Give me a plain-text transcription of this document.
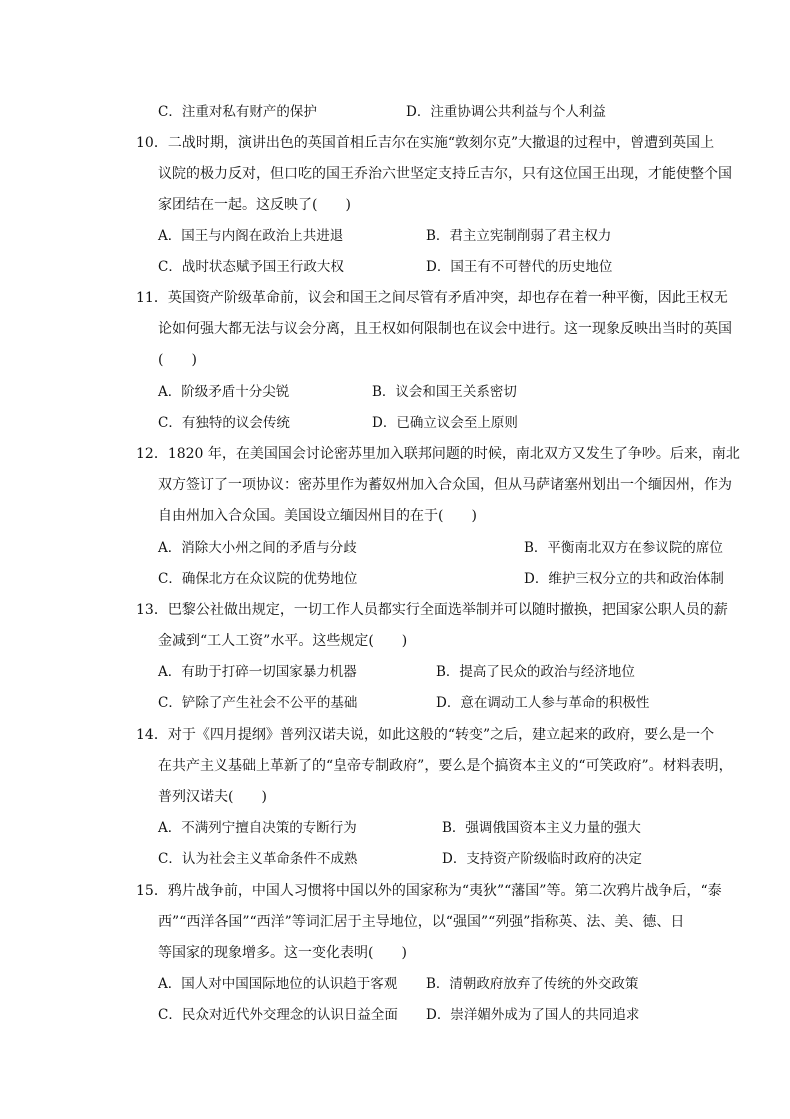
C．注重对私有财产的保护	D．注重协调公共利益与个人利益
10．二战时期，演讲出色的英国首相丘吉尔在实施“敦刻尔克”大撤退的过程中，曾遭到英国上
议院的极力反对，但口吃的国王乔治六世坚定支持丘吉尔，只有这位国王出现，才能使整个国
家团结在一起。这反映了(　　)
A．国王与内阁在政治上共进退	B．君主立宪制削弱了君主权力
C．战时状态赋予国王行政大权	D．国王有不可替代的历史地位
11．英国资产阶级革命前，议会和国王之间尽管有矛盾冲突，却也存在着一种平衡，因此王权无
论如何强大都无法与议会分离，且王权如何限制也在议会中进行。这一现象反映出当时的英国
(　　)
A．阶级矛盾十分尖锐	B．议会和国王关系密切
C．有独特的议会传统	D．已确立议会至上原则
12．1820 年，在美国国会讨论密苏里加入联邦问题的时候，南北双方又发生了争吵。后来，南北
双方签订了一项协议：密苏里作为蓄奴州加入合众国，但从马萨诸塞州划出一个缅因州，作为
自由州加入合众国。美国设立缅因州目的在于(　　)
A．消除大小州之间的矛盾与分歧	B．平衡南北双方在参议院的席位
C．确保北方在众议院的优势地位	D．维护三权分立的共和政治体制
13．巴黎公社做出规定，一切工作人员都实行全面选举制并可以随时撤换，把国家公职人员的薪
金减到“工人工资”水平。这些规定(　　)
A．有助于打碎一切国家暴力机器	B．提高了民众的政治与经济地位
C．铲除了产生社会不公平的基础	D．意在调动工人参与革命的积极性
14．对于《四月提纲》普列汉诺夫说，如此这般的“转变”之后，建立起来的政府，要么是一个
在共产主义基础上革新了的“皇帝专制政府”，要么是个搞资本主义的“可笑政府”。材料表明，
普列汉诺夫(　　)
A．不满列宁擅自决策的专断行为	B．强调俄国资本主义力量的强大
C．认为社会主义革命条件不成熟	D．支持资产阶级临时政府的决定
15．鸦片战争前，中国人习惯将中国以外的国家称为“夷狄”“藩国”等。第二次鸦片战争后，“泰
西”“西洋各国”“西洋”等词汇居于主导地位，以“强国”“列强”指称英、法、美、德、日
等国家的现象增多。这一变化表明(　　)
A．国人对中国国际地位的认识趋于客观 B．清朝政府放弃了传统的外交政策
C．民众对近代外交理念的认识日益全面 D．崇洋媚外成为了国人的共同追求
